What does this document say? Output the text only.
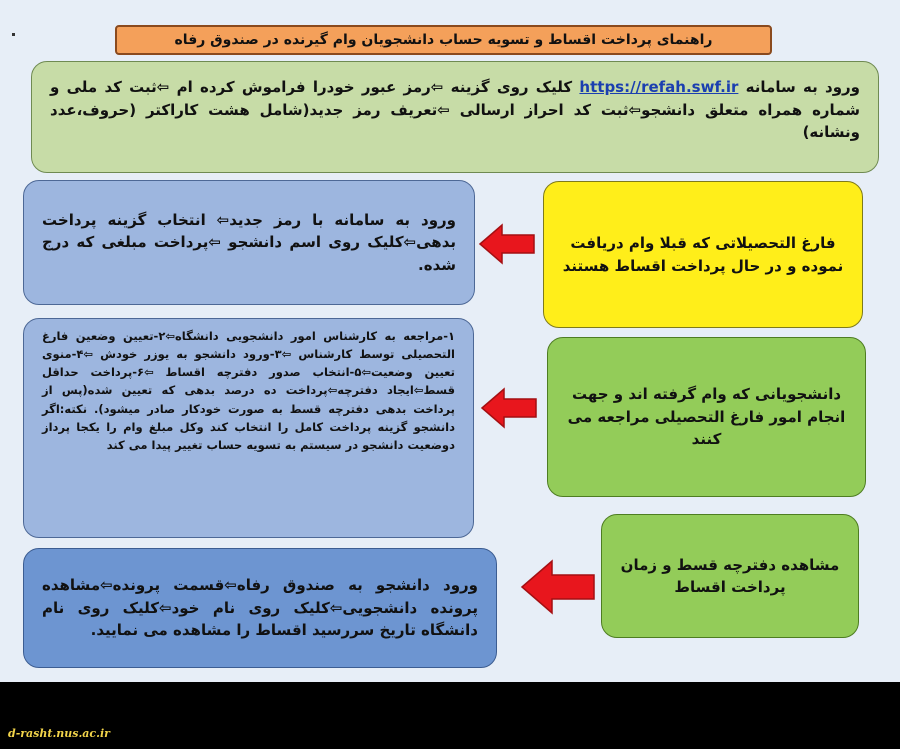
راهنمای پرداخت اقساط و تسویه حساب دانشجویان وام گیرنده در صندوق رفاه
ورود به سامانه https://refah.swf.ir کلیک روی گزینه ⇦رمز عبور خودرا فراموش کرده ام ⇦ثبت کد ملی و شماره همراه متعلق دانشجو⇦ثبت کد احراز ارسالی ⇦تعریف رمز جدید(شامل هشت کاراکتر (حروف،عدد ونشانه)
ورود به سامانه با رمز جدید⇦ انتخاب گزینه پرداخت بدهی⇦کلیک روی اسم دانشجو ⇦پرداخت مبلغی که درج شده.
فارغ التحصیلاتی که قبلا وام دریافت نموده و در حال پرداخت اقساط هستند
۱-مراجعه به کارشناس امور دانشجویی دانشگاه⇦۲-تعیین وضعین فارغ التحصیلی توسط کارشناس ⇦۳-ورود دانشجو به یوزر خودش ⇦۴-منوی تعیین وضعیت⇦۵-انتخاب صدور دفترچه اقساط ⇦۶-پرداخت حداقل قسط⇦ایجاد دفترچه⇦پرداخت ده درصد بدهی که تعیین شده(پس از پرداخت بدهی دفترچه قسط به صورت خودکار صادر میشود). نکته:اگر دانشجو گزینه پرداخت کامل را انتخاب کند وکل مبلغ وام را یکجا پرداز دوضعیت دانشجو در سیستم به تسویه حساب تغییر پیدا می کند
دانشجویانی که وام گرفته اند و جهت انجام امور فارغ التحصیلی مراجعه می کنند
ورود دانشجو به صندوق رفاه⇦قسمت پرونده⇦مشاهده پرونده دانشجویی⇦کلیک روی نام خود⇦کلیک روی نام دانشگاه تاریخ سررسید اقساط را مشاهده می نمایید.
مشاهده دفترچه قسط و زمان پرداخت اقساط
d-rasht.nus.ac.ir
